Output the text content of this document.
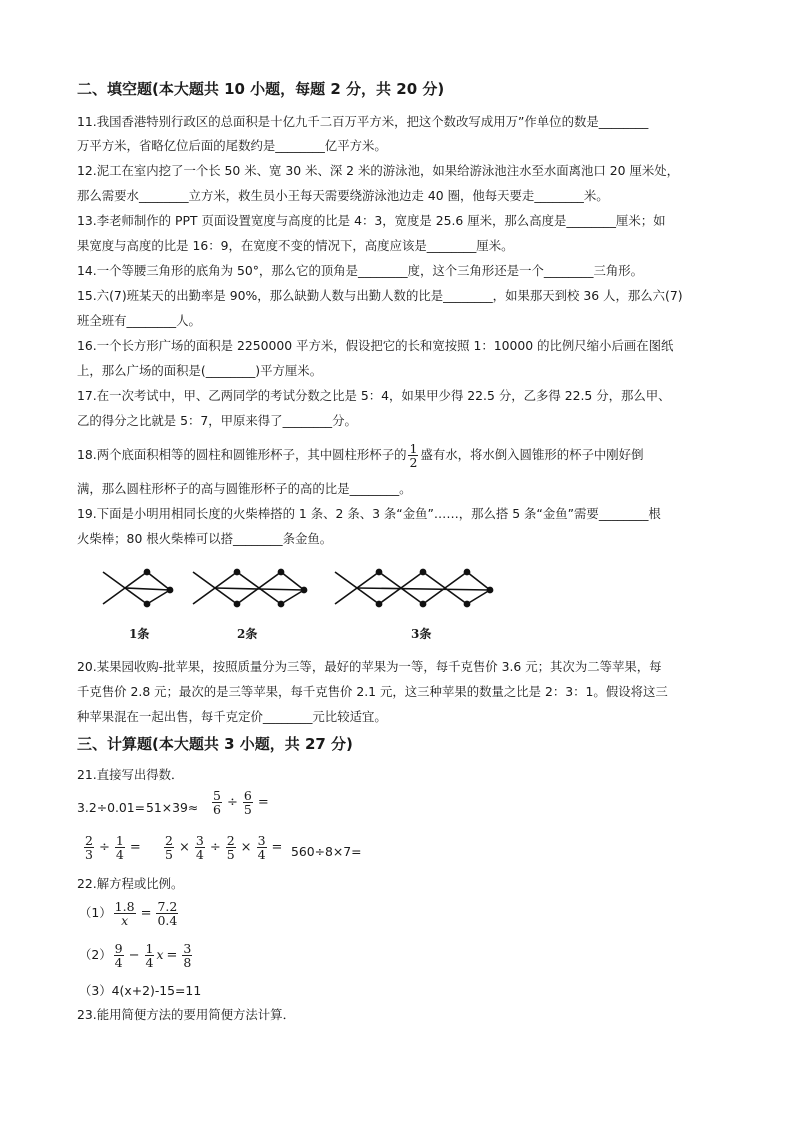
二、填空题(本大题共 10 小题，每题 2 分，共 20 分)
11.我国香港特别行政区的总面积是十亿九千二百万平方米，把这个数改写成用万”作单位的数是________
万平方米，省略亿位后面的尾数约是________亿平方米。
12.泥工在室内挖了一个长 50 米、宽 30 米、深 2 米的游泳池，如果给游泳池注水至水面离池口 20 厘米处，
那么需要水________立方米，救生员小王每天需要绕游泳池边走 40 圈，他每天要走________米。
13.李老师制作的 PPT 页面设置宽度与高度的比是 4：3，宽度是 25.6 厘米，那么高度是________厘米；如
果宽度与高度的比是 16：9，在宽度不变的情况下，高度应该是________厘米。
14.一个等腰三角形的底角为 50°，那么它的顶角是________度，这个三角形还是一个________三角形。
15.六(7)班某天的出勤率是 90%，那么缺勤人数与出勤人数的比是________，如果那天到校 36 人，那么六(7)
班全班有________人。
16.一个长方形广场的面积是 2250000 平方米，假设把它的长和宽按照 1：10000 的比例尺缩小后画在图纸
上，那么广场的面积是(________)平方厘米。
17.在一次考试中，甲、乙两同学的考试分数之比是 5：4，如果甲少得 22.5 分，乙多得 22.5 分，那么甲、
乙的得分之比就是 5：7，甲原来得了________分。
18.两个底面积相等的圆柱和圆锥形杯子，其中圆柱形杯子的 $\frac{1}{2}$ 盛有水，将水倒入圆锥形的杯子中刚好倒
满，那么圆柱形杯子的高与圆锥形杯子的高的比是________。
19.下面是小明用相同长度的火柴棒搭的 1 条、2 条、3 条“金鱼”……，那么搭 5 条“金鱼”需要________根
火柴棒；80 根火柴棒可以搭________条金鱼。
1条	2条	3条
20.某果园收购-批苹果，按照质量分为三等，最好的苹果为一等，每千克售价 3.6 元；其次为二等苹果，每
千克售价 2.8 元；最次的是三等苹果，每千克售价 2.1 元，这三种苹果的数量之比是 2：3：1。假设将这三
种苹果混在一起出售，每千克定价________元比较适宜。
三、计算题(本大题共 3 小题，共 27 分)
21.直接写出得数．
$3.2\div 0.01= 51\times 39\approx \frac{5}{6} \div \frac{6}{5}$ =
$\frac{2}{3} \div \frac{1}{4} = \frac{2}{5} \times \frac{3}{4} \div \frac{2}{5} \times \frac{3}{4} = 560\div 8\times 7=$
22.解方程或比例。
$(1) \frac{1.8}{x} = \frac{7.2}{0.4}$
$(2) \frac{9}{4} - \frac{1}{4}$ $x = \frac{3}{8}$
（3）4(x+2)-15=11
23.能用简便方法的要用简便方法计算．
